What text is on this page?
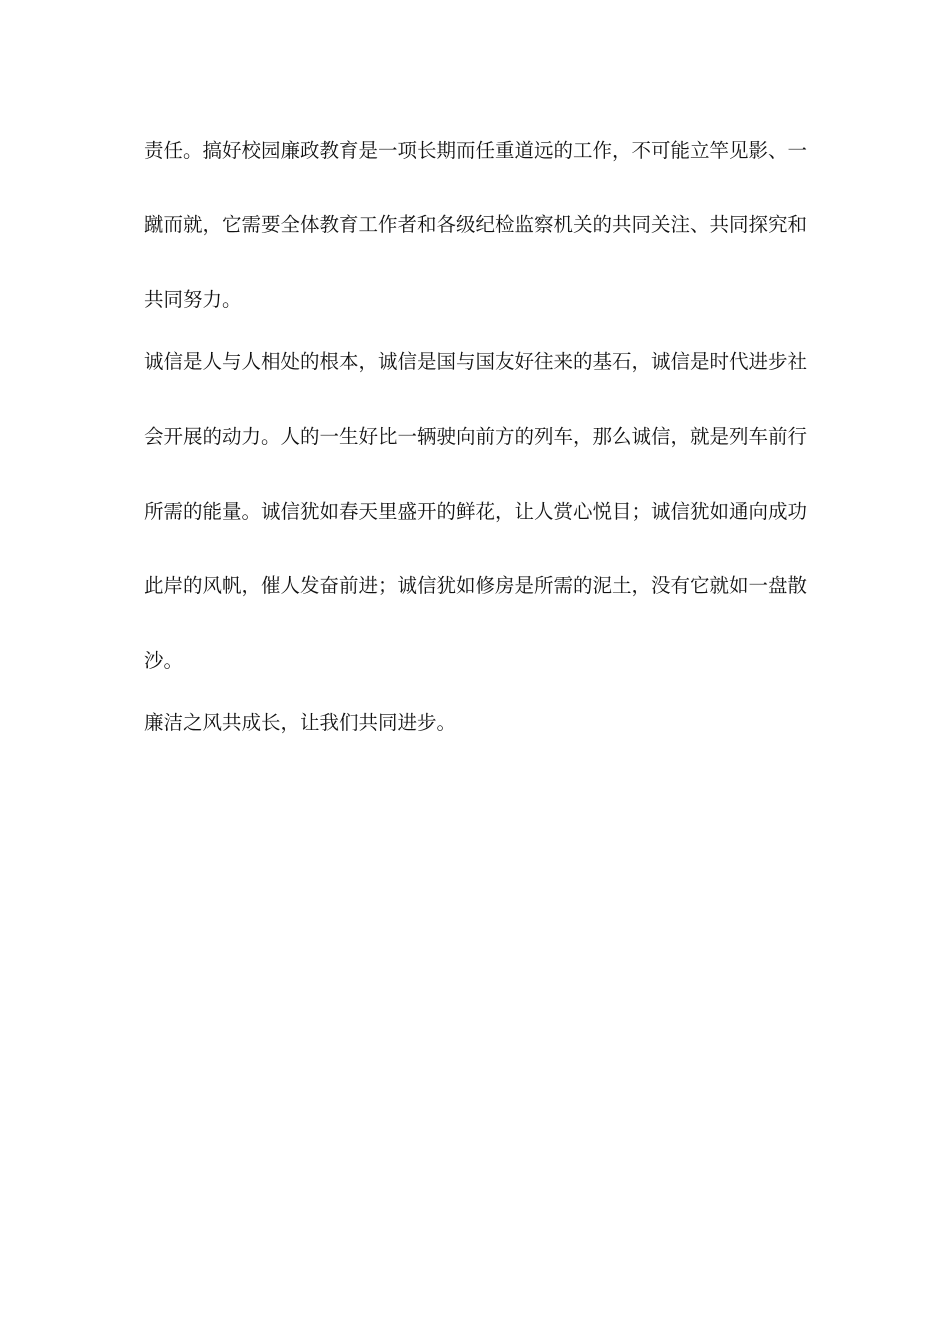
责任。搞好校园廉政教育是一项长期而任重道远的工作，不可能立竿见影、一
蹴而就，它需要全体教育工作者和各级纪检监察机关的共同关注、共同探究和
共同努力。
诚信是人与人相处的根本，诚信是国与国友好往来的基石，诚信是时代进步社
会开展的动力。人的一生好比一辆驶向前方的列车，那么诚信，就是列车前行
所需的能量。诚信犹如春天里盛开的鲜花，让人赏心悦目；诚信犹如通向成功
此岸的风帆，催人发奋前进；诚信犹如修房是所需的泥土，没有它就如一盘散
沙。
廉洁之风共成长，让我们共同进步。
